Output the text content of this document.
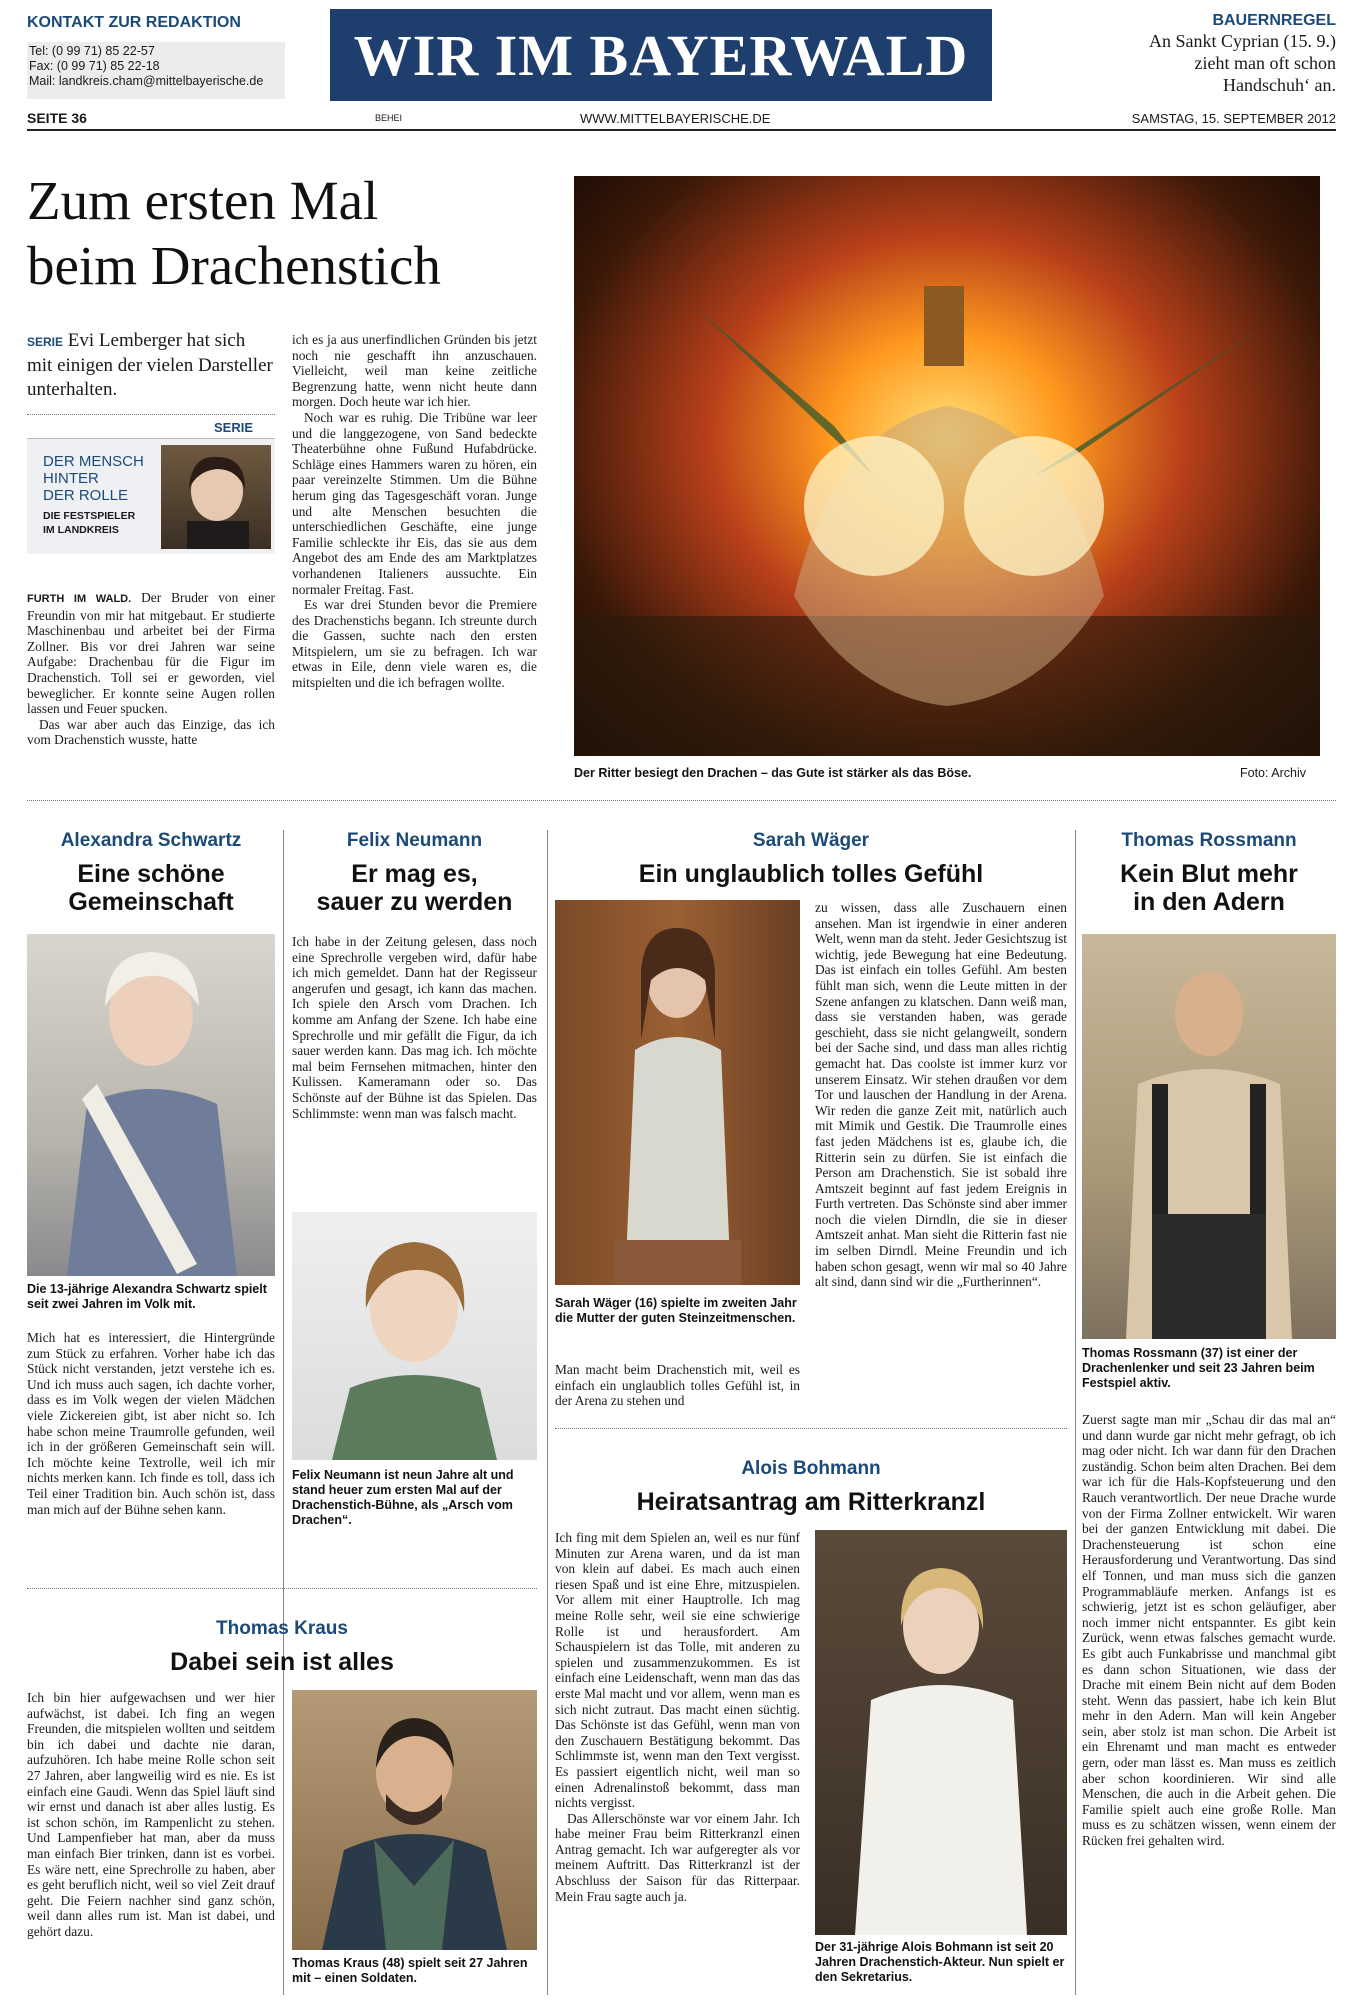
KONTAKT ZUR REDAKTION
Tel: (0 99 71) 85 22-57
Fax: (0 99 71) 85 22-18
Mail: landkreis.cham@mittelbayerische.de	WIR IM BAYERWALD
BAUERNREGEL
An Sankt Cyprian (15. 9.)
zieht man oft schon
Handschuh‘ an.
SEITE 36	BEHEI	WWW.MITTELBAYERISCHE.DE	SAMSTAG, 15. SEPTEMBER 2012
Zum ersten Mal
beim Drachenstich
SERIE Evi Lemberger hat sich mit einigen der vielen Darsteller unterhalten.
SERIE
DER MENSCH
HINTER
DER ROLLE
DIE FESTSPIELER
IM LANDKREIS

FURTH IM WALD. Der Bruder von einer Freundin von mir hat mitgebaut. Er studierte Maschinenbau und arbeitet bei der Firma Zollner. Bis vor drei Jahren war seine Aufgabe: Drachenbau für die Figur im Drachenstich. Toll sei er geworden, viel beweglicher. Er konnte seine Augen rollen lassen und Feuer spucken.

Das war aber auch das Einzige, das ich vom Drachenstich wusste, hatte

ich es ja aus unerfindlichen Gründen bis jetzt noch nie geschafft ihn anzuschauen. Vielleicht, weil man keine zeitliche Begrenzung hatte, wenn nicht heute dann morgen. Doch heute war ich hier.

Noch war es ruhig. Die Tribüne war leer und die langgezogene, von Sand bedeckte Theaterbühne ohne Fußund Hufabdrücke. Schläge eines Hammers waren zu hören, ein paar vereinzelte Stimmen. Um die Bühne herum ging das Tagesgeschäft voran. Junge und alte Menschen besuchten die unterschiedlichen Geschäfte, eine junge Familie schleckte ihr Eis, das sie aus dem Angebot des am Ende des am Marktplatzes vorhandenen Italieners aussuchte. Ein normaler Freitag. Fast.

Es war drei Stunden bevor die Premiere des Drachenstichs begann. Ich streunte durch die Gassen, suchte nach den ersten Mitspielern, um sie zu befragen. Ich war etwas in Eile, denn viele waren es, die mitspielten und die ich befragen wollte.

Der Ritter besiegt den Drachen – das Gute ist stärker als das Böse.	Foto: Archiv
Alexandra Schwartz
Eine schöne
Gemeinschaft
Die 13-jährige Alexandra Schwartz spielt seit zwei Jahren im Volk mit.

Mich hat es interessiert, die Hintergründe zum Stück zu erfahren. Vorher habe ich das Stück nicht verstanden, jetzt verstehe ich es. Und ich muss auch sagen, ich dachte vorher, dass es im Volk wegen der vielen Mädchen viele Zickereien gibt, ist aber nicht so. Ich habe schon meine Traumrolle gefunden, weil ich in der größeren Gemeinschaft sein will. Ich möchte keine Textrolle, weil ich mir nichts merken kann. Ich finde es toll, dass ich Teil einer Tradition bin. Auch schön ist, dass man mich auf der Bühne sehen kann.

Felix Neumann
Er mag es,
sauer zu werden

Ich habe in der Zeitung gelesen, dass noch eine Sprechrolle vergeben wird, dafür habe ich mich gemeldet. Dann hat der Regisseur angerufen und gesagt, ich kann das machen. Ich spiele den Arsch vom Drachen. Ich komme am Anfang der Szene. Ich habe eine Sprechrolle und mir gefällt die Figur, da ich sauer werden kann. Das mag ich. Ich möchte mal beim Fernsehen mitmachen, hinter den Kulissen. Kameramann oder so. Das Schönste auf der Bühne ist das Spielen. Das Schlimmste: wenn man was falsch macht.

Felix Neumann ist neun Jahre alt und stand heuer zum ersten Mal auf der Drachenstich-Bühne, als „Arsch vom Drachen“.
Thomas Kraus
Dabei sein ist alles

Ich bin hier aufgewachsen und wer hier aufwächst, ist dabei. Ich fing an wegen Freunden, die mitspielen wollten und seitdem bin ich dabei und dachte nie daran, aufzuhören. Ich habe meine Rolle schon seit 27 Jahren, aber langweilig wird es nie. Es ist einfach eine Gaudi. Wenn das Spiel läuft sind wir ernst und danach ist aber alles lustig. Es ist schon schön, im Rampenlicht zu stehen. Und Lampenfieber hat man, aber da muss man einfach Bier trinken, dann ist es vorbei. Es wäre nett, eine Sprechrolle zu haben, aber es geht beruflich nicht, weil so viel Zeit drauf geht. Die Feiern nachher sind ganz schön, weil dann alles rum ist. Man ist dabei, und gehört dazu.

Thomas Kraus (48) spielt seit 27 Jahren mit – einen Soldaten.
Sarah Wäger
Ein unglaublich tolles Gefühl
Sarah Wäger (16) spielte im zweiten Jahr die Mutter der guten Steinzeitmenschen.

Man macht beim Drachenstich mit, weil es einfach ein unglaublich tolles Gefühl ist, in der Arena zu stehen und

zu wissen, dass alle Zuschauern einen ansehen. Man ist irgendwie in einer anderen Welt, wenn man da steht. Jeder Gesichtszug ist wichtig, jede Bewegung hat eine Bedeutung. Das ist einfach ein tolles Gefühl. Am besten fühlt man sich, wenn die Leute mitten in der Szene anfangen zu klatschen. Dann weiß man, dass sie verstanden haben, was gerade geschieht, dass sie nicht gelangweilt, sondern bei der Sache sind, und dass man alles richtig gemacht hat. Das coolste ist immer kurz vor unserem Einsatz. Wir stehen draußen vor dem Tor und lauschen der Handlung in der Arena. Wir reden die ganze Zeit mit, natürlich auch mit Mimik und Gestik. Die Traumrolle eines fast jeden Mädchens ist es, glaube ich, die Ritterin sein zu dürfen. Sie ist einfach die Person am Drachenstich. Sie ist sobald ihre Amtszeit beginnt auf fast jedem Ereignis in Furth vertreten. Das Schönste sind aber immer noch die vielen Dirndln, die sie in dieser Amtszeit anhat. Man sieht die Ritterin fast nie im selben Dirndl. Meine Freundin und ich haben schon gesagt, wenn wir mal so 40 Jahre alt sind, dann sind wir die „Furtherinnen“.

Alois Bohmann
Heiratsantrag am Ritterkranzl

Ich fing mit dem Spielen an, weil es nur fünf Minuten zur Arena waren, und da ist man von klein auf dabei. Es mach auch einen riesen Spaß und ist eine Ehre, mitzuspielen. Vor allem mit einer Hauptrolle. Ich mag meine Rolle sehr, weil sie eine schwierige Rolle ist und herausfordert. Am Schauspielern ist das Tolle, mit anderen zu spielen und zusammenzukommen. Es ist einfach eine Leidenschaft, wenn man das das erste Mal macht und vor allem, wenn man es sich nicht zutraut. Das macht einen süchtig. Das Schönste ist das Gefühl, wenn man von den Zuschauern Bestätigung bekommt. Das Schlimmste ist, wenn man den Text vergisst. Es passiert eigentlich nicht, weil man so einen Adrenalinstoß bekommt, dass man nichts vergisst.

Das Allerschönste war vor einem Jahr. Ich habe meiner Frau beim Ritterkranzl einen Antrag gemacht. Ich war aufgeregter als vor meinem Auftritt. Das Ritterkranzl ist der Abschluss der Saison für das Ritterpaar. Mein Frau sagte auch ja.

Der 31-jährige Alois Bohmann ist seit 20 Jahren Drachenstich-Akteur. Nun spielt er den Sekretarius.
Thomas Rossmann
Kein Blut mehr
in den Adern
Thomas Rossmann (37) ist einer der Drachenlenker und seit 23 Jahren beim Festspiel aktiv.

Zuerst sagte man mir „Schau dir das mal an“ und dann wurde gar nicht mehr gefragt, ob ich mag oder nicht. Ich war dann für den Drachen zuständig. Schon beim alten Drachen. Bei dem war ich für die Hals-Kopfsteuerung und den Rauch verantwortlich. Der neue Drache wurde von der Firma Zollner entwickelt. Wir waren bei der ganzen Entwicklung mit dabei. Die Drachensteuerung ist schon eine Herausforderung und Verantwortung. Das sind elf Tonnen, und man muss sich die ganzen Programmabläufe merken. Anfangs ist es schwierig, jetzt ist es schon geläufiger, aber noch immer nicht entspannter. Es gibt kein Zurück, wenn etwas falsches gemacht wurde. Es gibt auch Funkabrisse und manchmal gibt es dann schon Situationen, wie dass der Drache mit einem Bein nicht auf dem Boden steht. Wenn das passiert, habe ich kein Blut mehr in den Adern. Man will kein Angeber sein, aber stolz ist man schon. Die Arbeit ist ein Ehrenamt und man macht es entweder gern, oder man lässt es. Man muss es zeitlich aber schon koordinieren. Wir sind alle Menschen, die auch in die Arbeit gehen. Die Familie spielt auch eine große Rolle. Man muss es zu schätzen wissen, wenn einem der Rücken frei gehalten wird.
